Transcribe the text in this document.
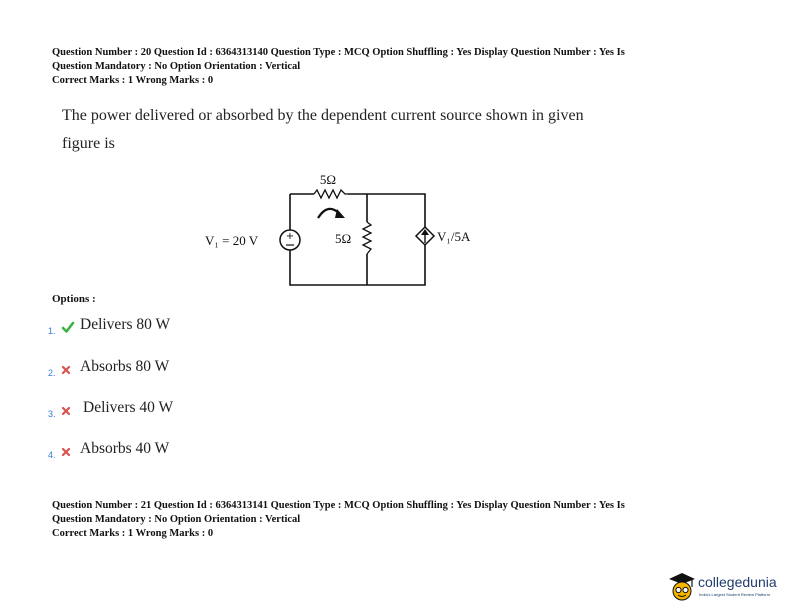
Question Number : 20 Question Id : 6364313140 Question Type : MCQ Option Shuffling : Yes Display Question Number : Yes Is
Question Mandatory : No Option Orientation : Vertical
Correct Marks : 1 Wrong Marks : 0
The power delivered or absorbed by the dependent current source shown in given
figure is
5Ω
5Ω
+
V₁ = 20 V	V₁/5A
Options :
1. Delivers 80 W
2. Absorbs 80 W
3. Delivers 40 W
4. Absorbs 40 W
Question Number : 21 Question Id : 6364313141 Question Type : MCQ Option Shuffling : Yes Display Question Number : Yes Is
Question Mandatory : No Option Orientation : Vertical
Correct Marks : 1 Wrong Marks : 0
collegedunia
India's Largest Student Review Platform
